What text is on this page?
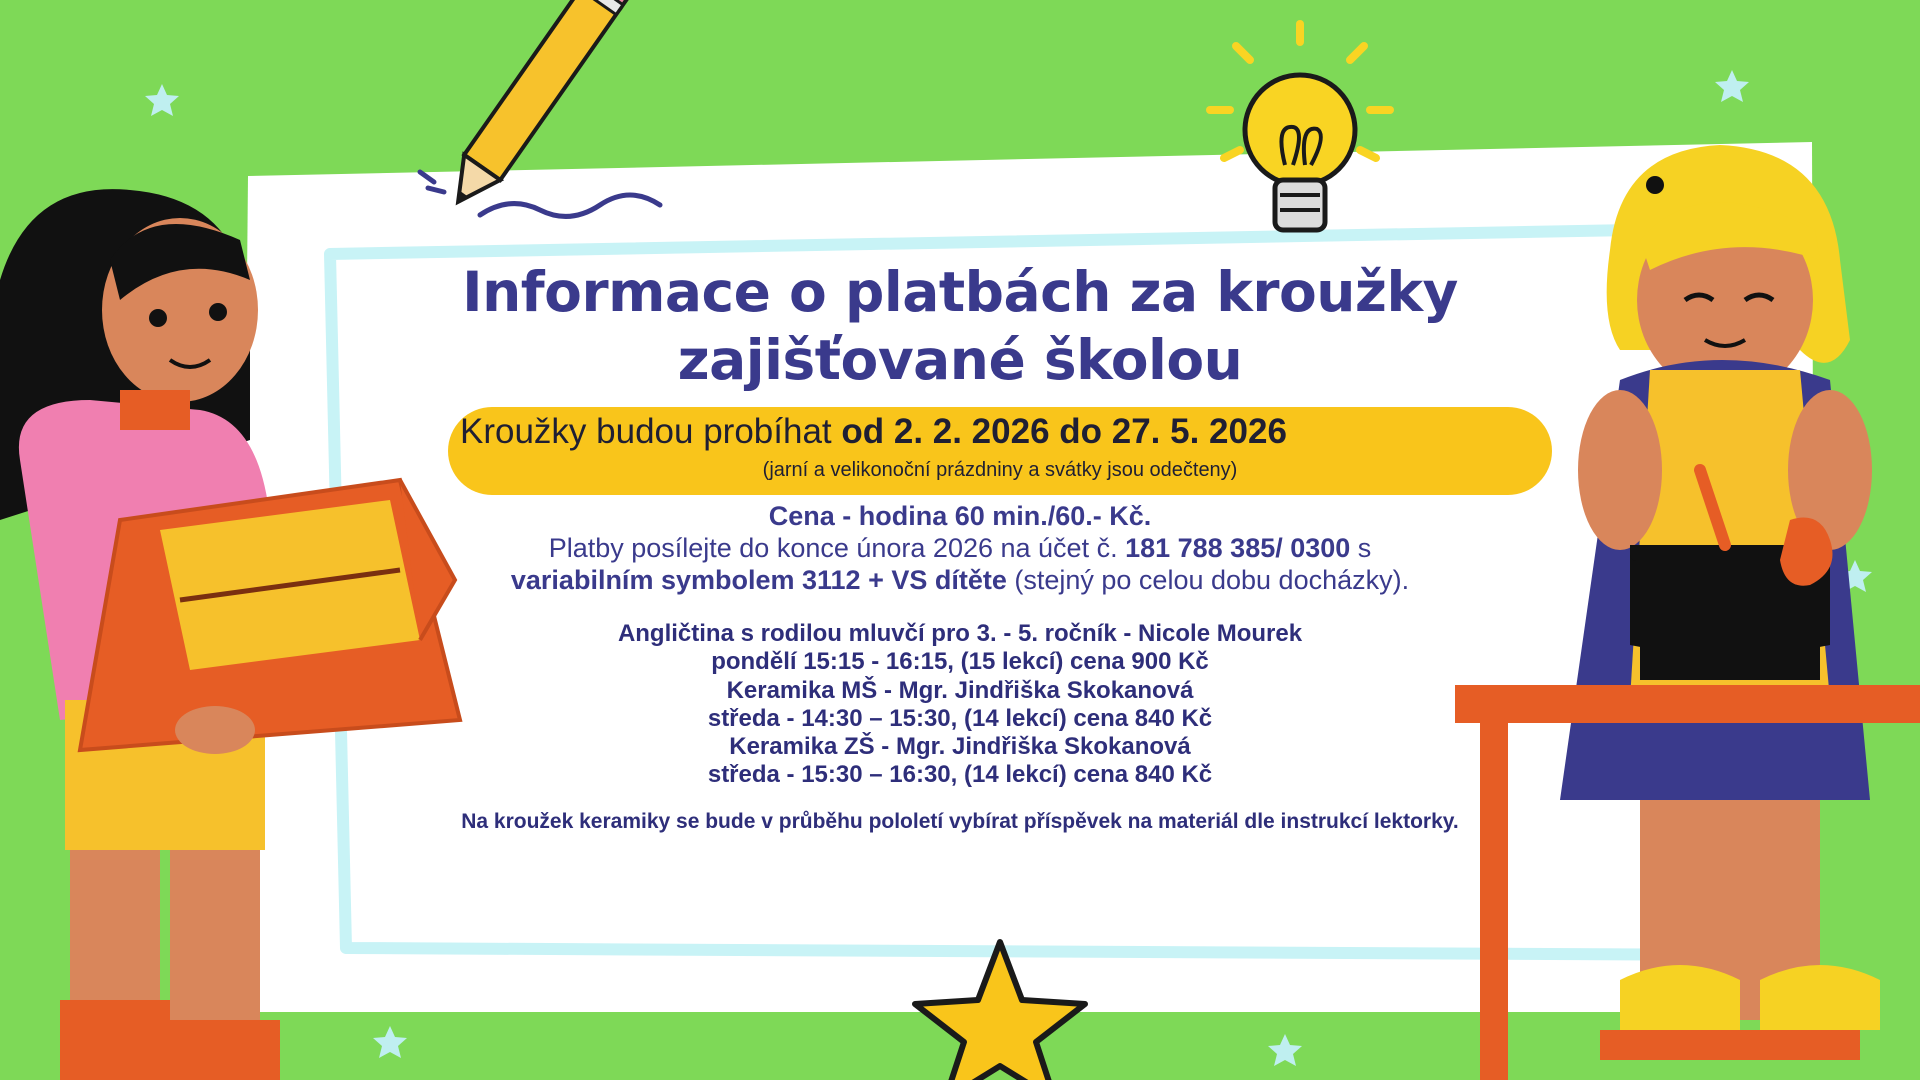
Informace o platbách za kroužky
zajišťované školou
Kroužky budou probíhat od 2. 2. 2026 do 27. 5. 2026
(jarní a velikonoční prázdniny a svátky jsou odečteny)
Cena - hodina 60 min./60.- Kč.
Platby posílejte do konce února 2026 na účet č. 181 788 385/ 0300 s
variabilním symbolem 3112 + VS dítěte (stejný po celou dobu docházky).
Angličtina s rodilou mluvčí pro 3. - 5. ročník - Nicole Mourek
pondělí 15:15 - 16:15, (15 lekcí) cena 900 Kč
Keramika MŠ - Mgr. Jindřiška Skokanová
středa - 14:30 – 15:30, (14 lekcí) cena 840 Kč
Keramika ZŠ - Mgr. Jindřiška Skokanová
středa - 15:30 – 16:30, (14 lekcí) cena 840 Kč
Na kroužek keramiky se bude v průběhu pololetí vybírat příspěvek na materiál dle instrukcí lektorky.
